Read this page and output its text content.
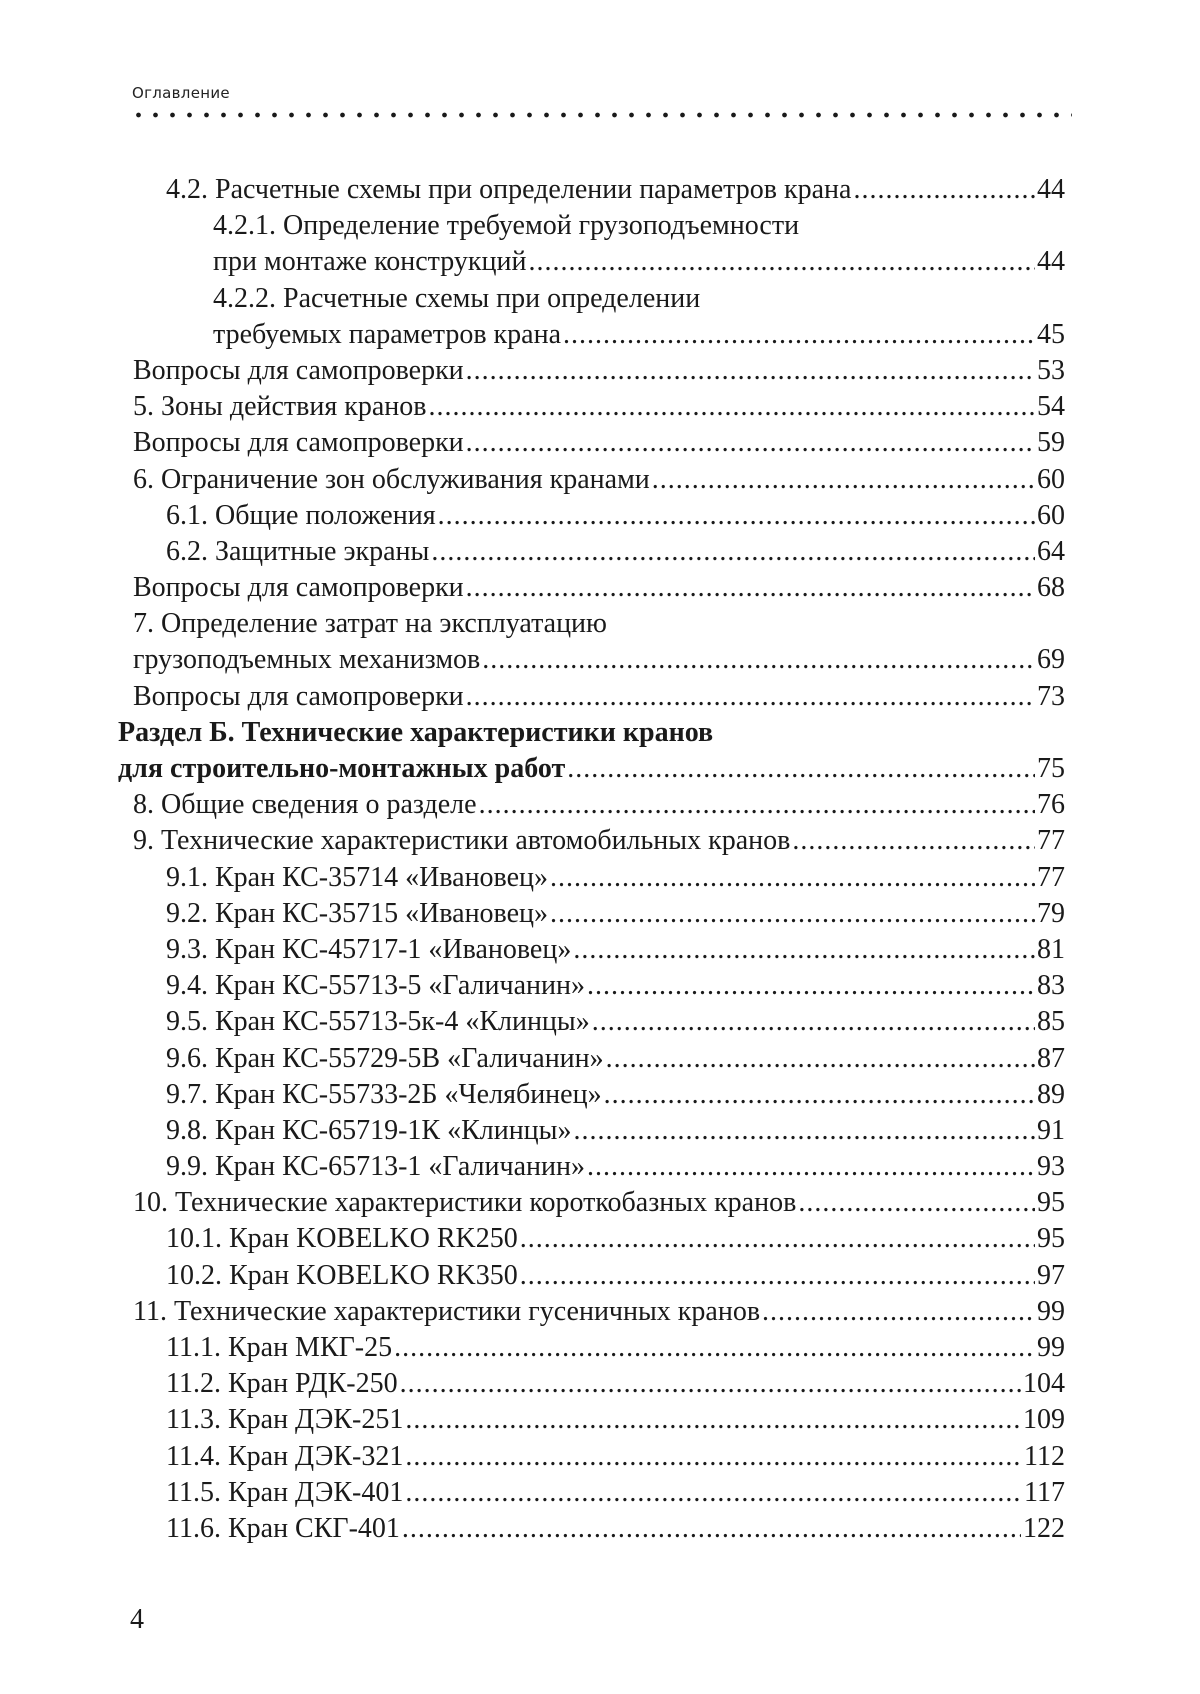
Оглавление
4.2. Расчетные схемы при определении параметров крана .....	44
4.2.1. Определение требуемой грузоподъемности
при монтаже конструкций .....	44
4.2.2. Расчетные схемы при определении
требуемых параметров крана .....	45
Вопросы для самопроверки .....	53
5. Зоны действия кранов .....	54
Вопросы для самопроверки .....	59
6. Ограничение зон обслуживания кранами .....	60
6.1. Общие положения .....	60
6.2. Защитные экраны .....	64
Вопросы для самопроверки .....	68
7. Определение затрат на эксплуатацию
грузоподъемных механизмов .....	69
Вопросы для самопроверки .....	73
Раздел Б. Технические характеристики кранов
для строительно-монтажных работ .....	75
8. Общие сведения о разделе .....	76
9. Технические характеристики автомобильных кранов .....	77
9.1. Кран КС-35714 «Ивановец» .....	77
9.2. Кран КС-35715 «Ивановец» .....	79
9.3. Кран КС-45717-1 «Ивановец» .....	81
9.4. Кран КС-55713-5 «Галичанин» .....	83
9.5. Кран КС-55713-5к-4 «Клинцы» .....	85
9.6. Кран КС-55729-5В «Галичанин» .....	87
9.7. Кран КС-55733-2Б «Челябинец» .....	89
9.8. Кран КС-65719-1К «Клинцы» .....	91
9.9. Кран КС-65713-1 «Галичанин» .....	93
10. Технические характеристики короткобазных кранов .....	95
10.1. Кран KOBELKO RK250 .....	95
10.2. Кран KOBELKO RK350 .....	97
11. Технические характеристики гусеничных кранов .....	99
11.1. Кран МКГ-25 .....	99
11.2. Кран РДК-250 .....	104
11.3. Кран ДЭК-251 .....	109
11.4. Кран ДЭК-321 .....	112
11.5. Кран ДЭК-401 .....	117
11.6. Кран СКГ-401 .....	122
4
